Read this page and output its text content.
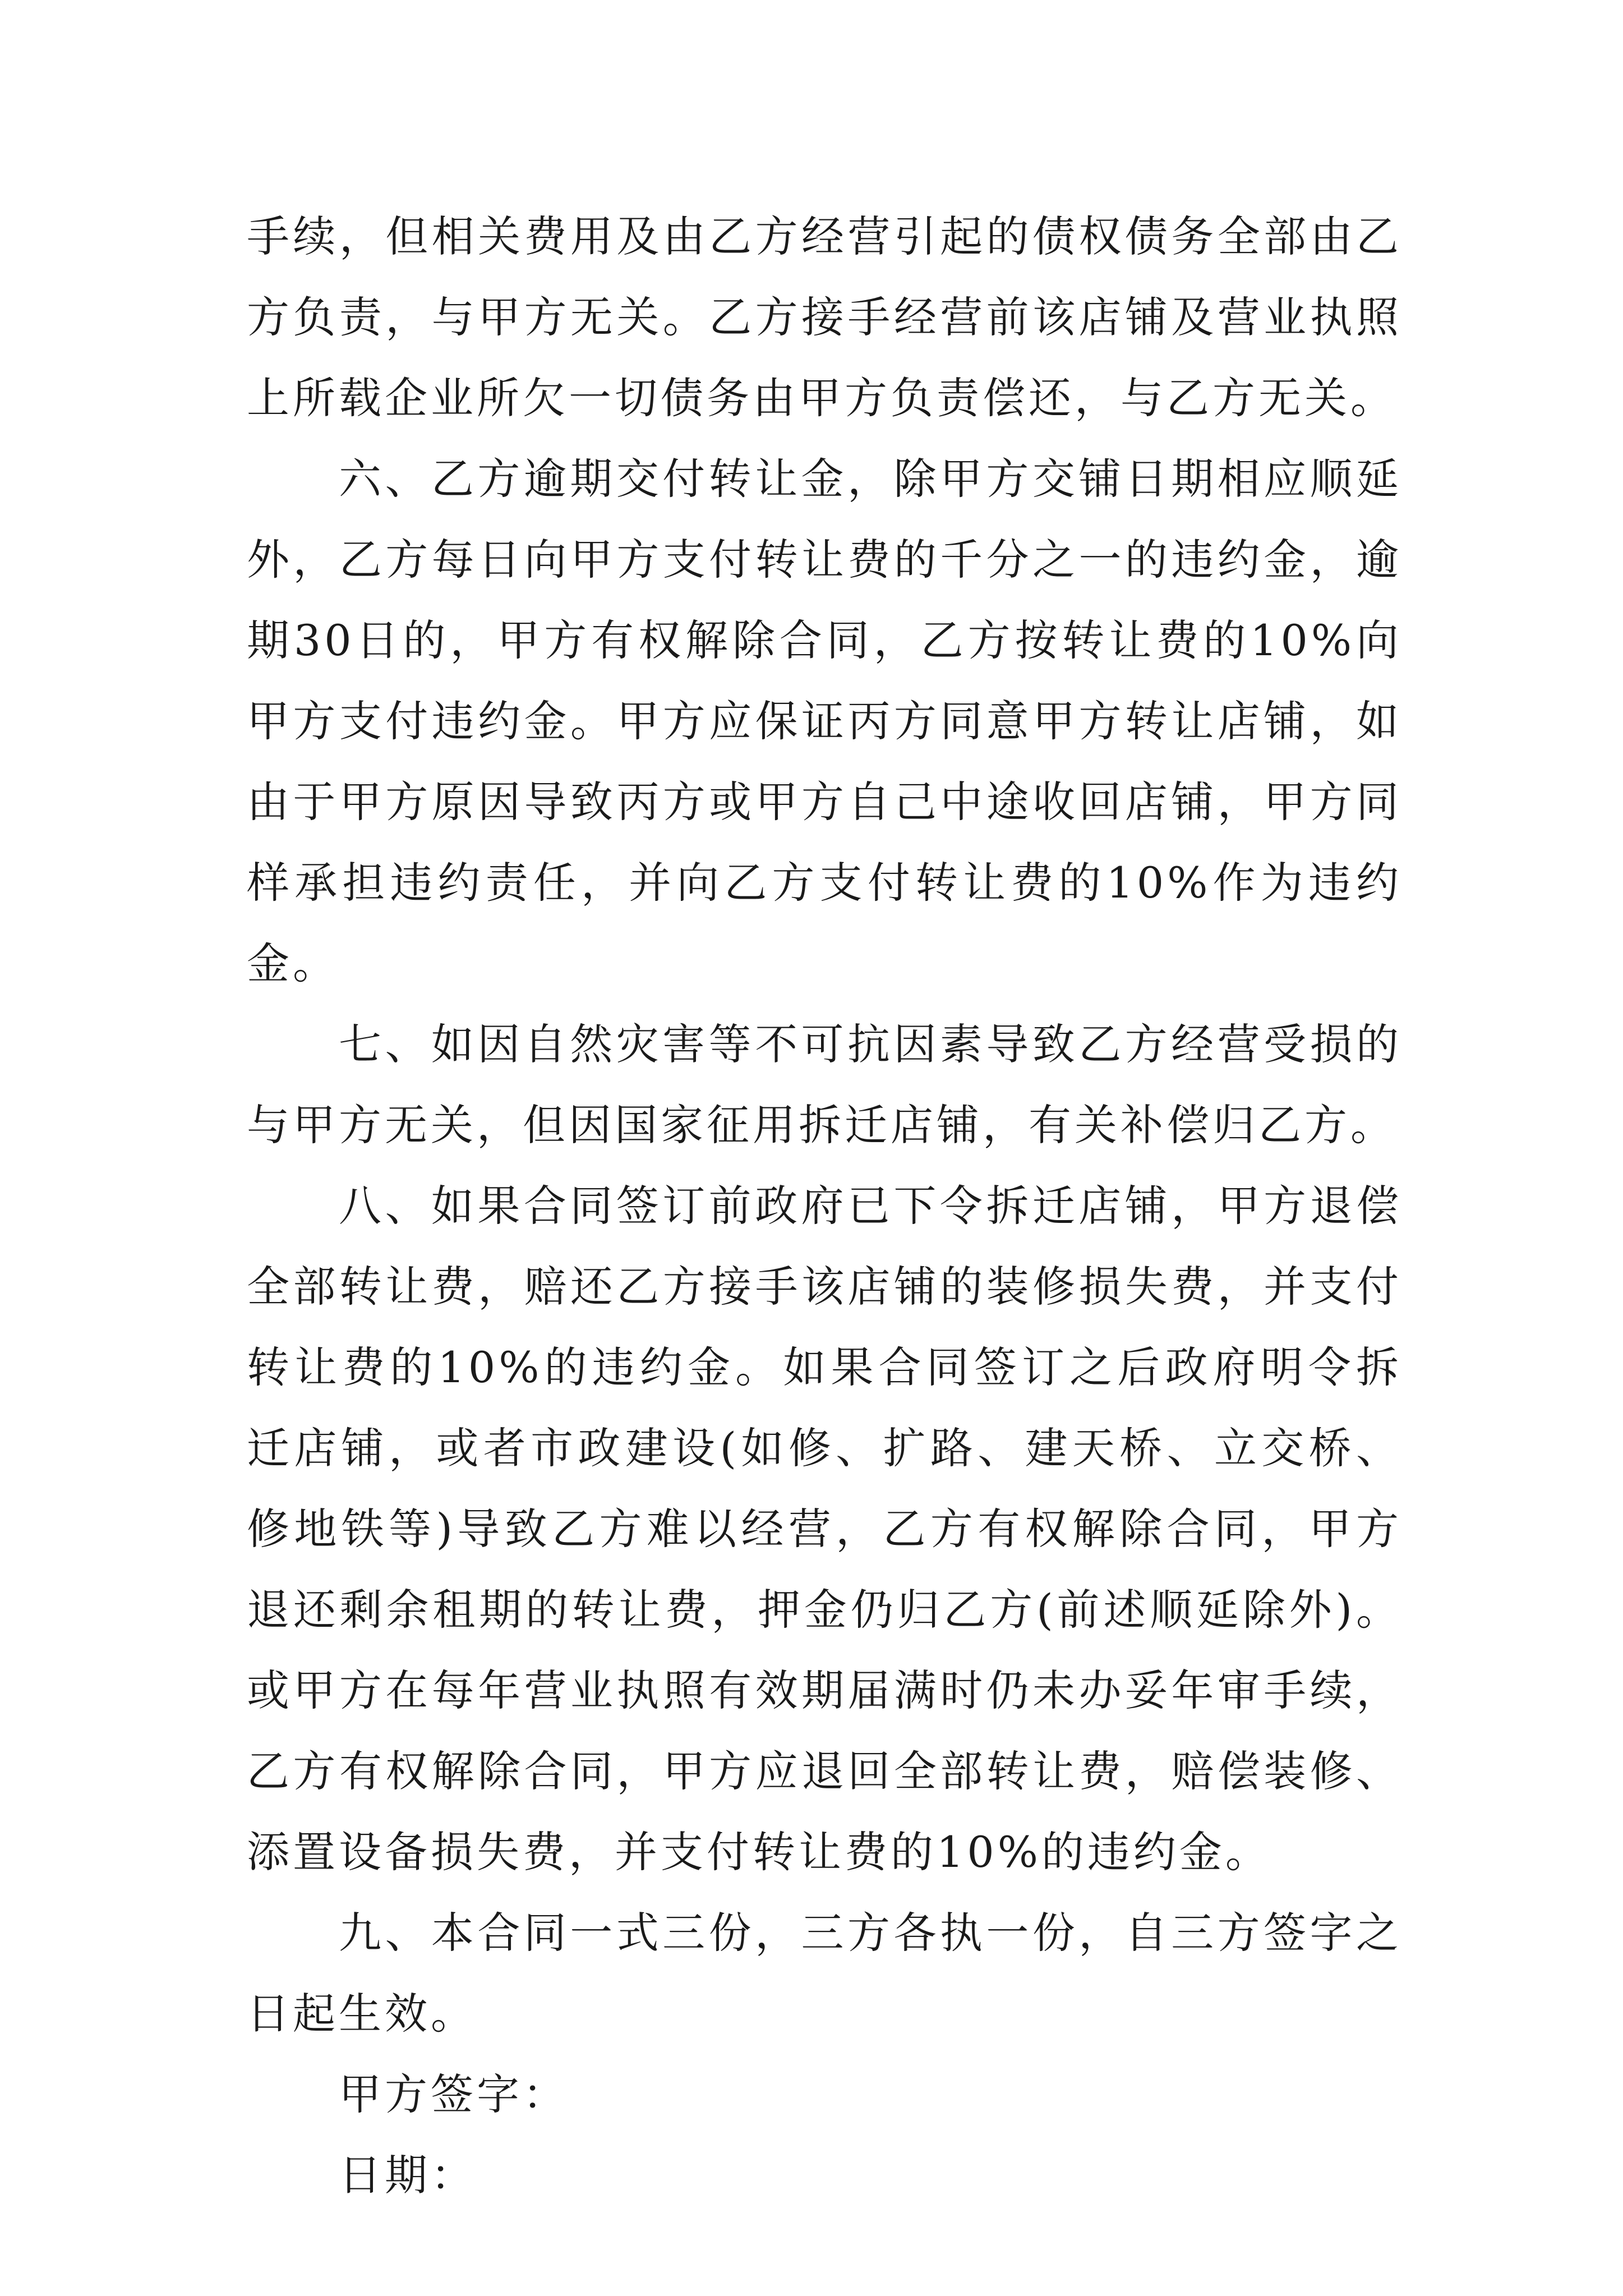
手续，但相关费用及由乙方经营引起的债权债务全部由乙方负责，与甲方无关。乙方接手经营前该店铺及营业执照上所载企业所欠一切债务由甲方负责偿还，与乙方无关。

六、乙方逾期交付转让金，除甲方交铺日期相应顺延外，乙方每日向甲方支付转让费的千分之一的违约金，逾期30日的，甲方有权解除合同，乙方按转让费的10%向甲方支付违约金。甲方应保证丙方同意甲方转让店铺，如由于甲方原因导致丙方或甲方自己中途收回店铺，甲方同样承担违约责任，并向乙方支付转让费的10%作为违约金。

七、如因自然灾害等不可抗因素导致乙方经营受损的与甲方无关，但因国家征用拆迁店铺，有关补偿归乙方。

八、如果合同签订前政府已下令拆迁店铺，甲方退偿全部转让费，赔还乙方接手该店铺的装修损失费，并支付转让费的10%的违约金。如果合同签订之后政府明令拆迁店铺，或者市政建设(如修、扩路、建天桥、立交桥、修地铁等)导致乙方难以经营，乙方有权解除合同，甲方退还剩余租期的转让费，押金仍归乙方(前述顺延除外)。或甲方在每年营业执照有效期届满时仍未办妥年审手续，乙方有权解除合同，甲方应退回全部转让费，赔偿装修、添置设备损失费，并支付转让费的10%的违约金。

九、本合同一式三份，三方各执一份，自三方签字之日起生效。

甲方签字：

日期：
